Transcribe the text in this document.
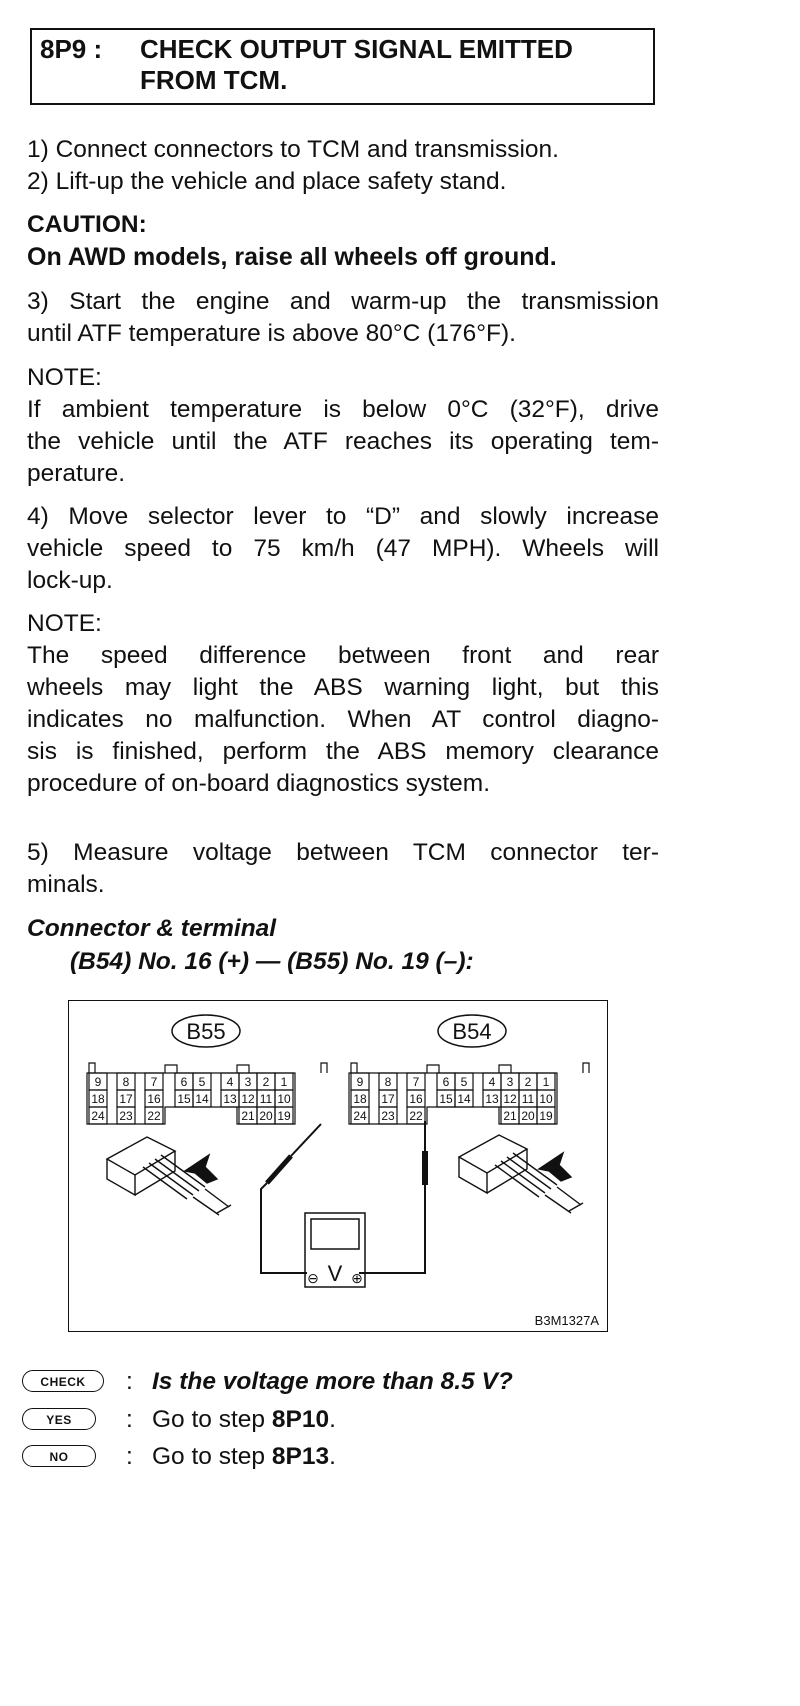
8P9 : CHECK OUTPUT SIGNAL EMITTED
FROM TCM.
1) Connect connectors to TCM and transmission.
2) Lift-up the vehicle and place safety stand.
CAUTION:
On AWD models, raise all wheels off ground.
3) Start the engine and warm-up the transmission
until ATF temperature is above 80°C (176°F).
NOTE:
If ambient temperature is below 0°C (32°F), drive
the vehicle until the ATF reaches its operating tem-
perature.
4) Move selector lever to “D” and slowly increase
vehicle speed to 75 km/h (47 MPH). Wheels will
lock-up.
NOTE:
The speed difference between front and rear
wheels may light the ABS warning light, but this
indicates no malfunction. When AT control diagno-
sis is finished, perform the ABS memory clearance
procedure of on-board diagnostics system.
5) Measure voltage between TCM connector ter-
minals.
Connector & terminal
(B54) No. 16 (+) — (B55) No. 19 (–):
B55	B54
9 8 7 6 5 4 3 2 1
18 17 16 15 14 13 12 11 10
24 23 22	21 20 19
9 8 7 6 5 4 3 2 1
18 17 16 15 14 13 12 11 10
24 23 22	21 20 19
V
⊖ ⊕
B3M1327A
CHECK	: Is the voltage more than 8.5 V?
YES	: Go to step 8P10.
NO	: Go to step 8P13.
